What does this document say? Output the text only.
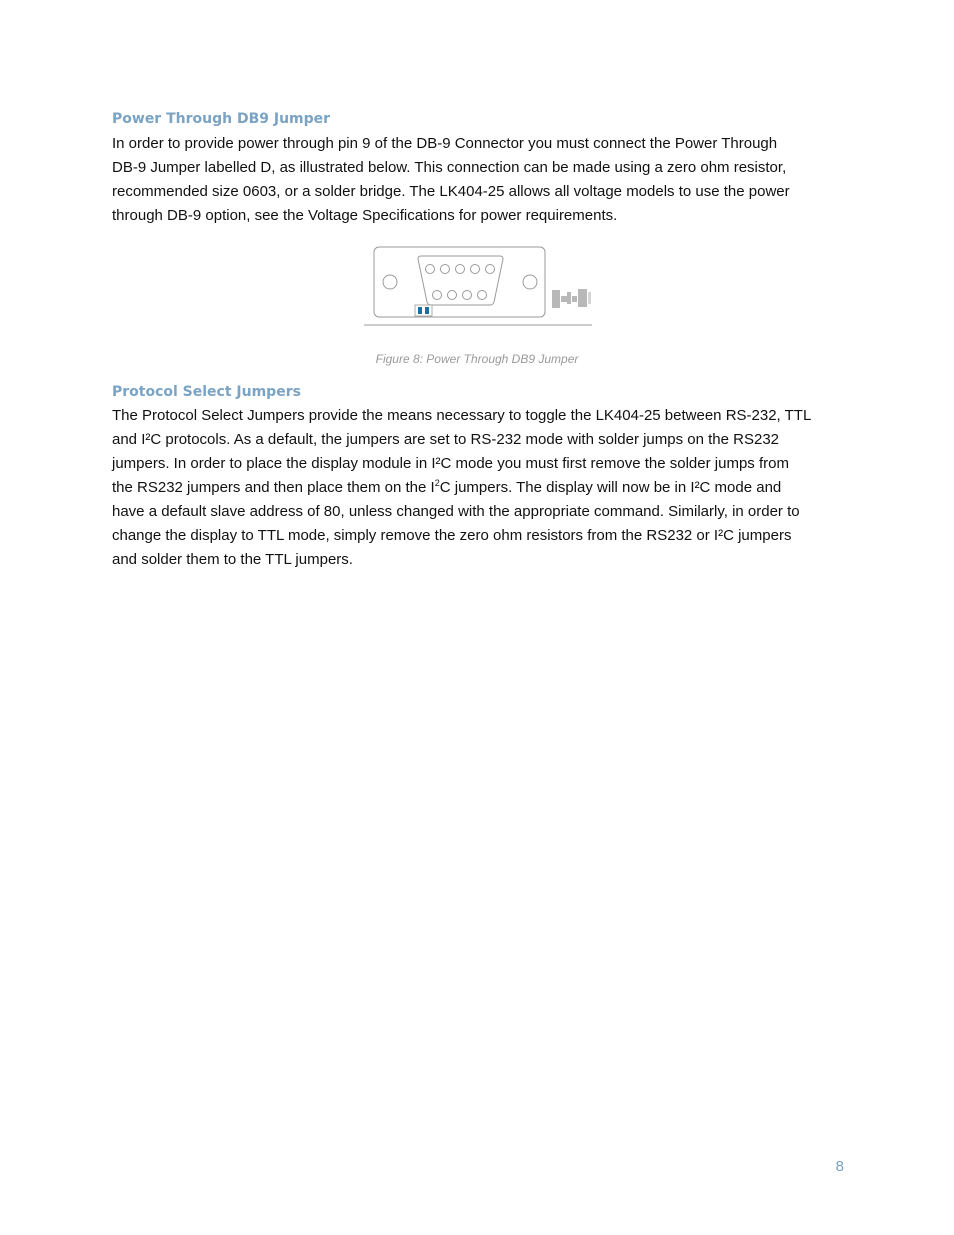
Power Through DB9 Jumper

In order to provide power through pin 9 of the DB-9 Connector you must connect the Power Through
DB-9 Jumper labelled D, as illustrated below. This connection can be made using a zero ohm resistor,
recommended size 0603, or a solder bridge. The LK404-25 allows all voltage models to use the power
through DB-9 option, see the Voltage Specifications for power requirements.

Figure 8: Power Through DB9 Jumper

Protocol Select Jumpers

The Protocol Select Jumpers provide the means necessary to toggle the LK404-25 between RS-232, TTL
and I²C protocols. As a default, the jumpers are set to RS-232 mode with solder jumps on the RS232
jumpers. In order to place the display module in I²C mode you must first remove the solder jumps from
the RS232 jumpers and then place them on the $I^2C$ jumpers. The display will now be in I²C mode and
have a default slave address of 80, unless changed with the appropriate command. Similarly, in order to
change the display to TTL mode, simply remove the zero ohm resistors from the RS232 or I²C jumpers
and solder them to the TTL jumpers.

8
